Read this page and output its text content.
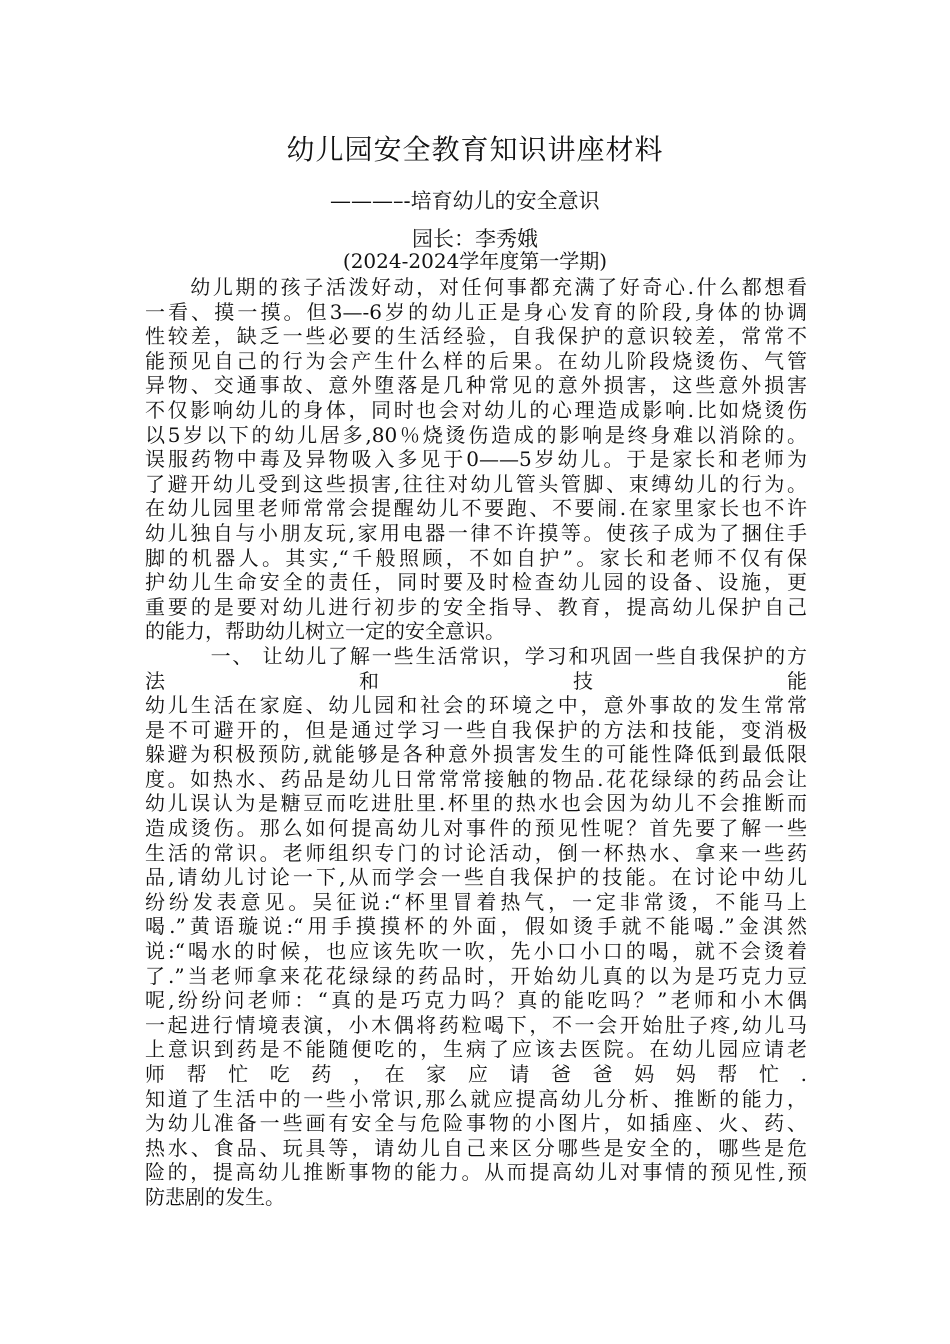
幼儿园安全教育知识讲座材料
———–-培育幼儿的安全意识
园长：李秀娥
(2024-2024学年度第一学期)
　　幼儿期的孩子活泼好动，对任何事都充满了好奇心.什么都想看
一看、摸一摸。但3—-6岁的幼儿正是身心发育的阶段,身体的协调
性较差，缺乏一些必要的生活经验，自我保护的意识较差，常常不
能预见自己的行为会产生什么样的后果。在幼儿阶段烧烫伤、气管
异物、交通事故、意外堕落是几种常见的意外损害，这些意外损害
不仅影响幼儿的身体，同时也会对幼儿的心理造成影响.比如烧烫伤
以5岁以下的幼儿居多,80％烧烫伤造成的影响是终身难以消除的。
误服药物中毒及异物吸入多见于0——5岁幼儿。于是家长和老师为
了避开幼儿受到这些损害,往往对幼儿管头管脚、束缚幼儿的行为。
在幼儿园里老师常常会提醒幼儿不要跑、不要闹.在家里家长也不许
幼儿独自与小朋友玩,家用电器一律不许摸等。使孩子成为了捆住手
脚的机器人。其实,“千般照顾，不如自护”。家长和老师不仅有保
护幼儿生命安全的责任，同时要及时检查幼儿园的设备、设施，更
重要的是要对幼儿进行初步的安全指导、教育，提高幼儿保护自己
的能力，帮助幼儿树立一定的安全意识。
　　　一、 让幼儿了解一些生活常识，学习和巩固一些自我保护的方
法　　　　　　　　　和　　　　　　　　　技　　　　　　　　　能
幼儿生活在家庭、幼儿园和社会的环境之中，意外事故的发生常常
是不可避开的，但是通过学习一些自我保护的方法和技能，变消极
躲避为积极预防,就能够是各种意外损害发生的可能性降低到最低限
度。如热水、药品是幼儿日常常常接触的物品.花花绿绿的药品会让
幼儿误认为是糖豆而吃进肚里.杯里的热水也会因为幼儿不会推断而
造成烫伤。那么如何提高幼儿对事件的预见性呢？首先要了解一些
生活的常识。老师组织专门的讨论活动，倒一杯热水、拿来一些药
品,请幼儿讨论一下,从而学会一些自我保护的技能。在讨论中幼儿
纷纷发表意见。吴征说:“杯里冒着热气，一定非常烫，不能马上
喝.”黄语璇说:“用手摸摸杯的外面，假如烫手就不能喝.”金淇然
说:“喝水的时候，也应该先吹一吹，先小口小口的喝，就不会烫着
了.”当老师拿来花花绿绿的药品时，开始幼儿真的以为是巧克力豆
呢,纷纷问老师：“真的是巧克力吗？真的能吃吗？”老师和小木偶
一起进行情境表演，小木偶将药粒喝下，不一会开始肚子疼,幼儿马
上意识到药是不能随便吃的，生病了应该去医院。在幼儿园应请老
师　帮　忙　吃　药　，　在　家　应　请　爸　爸　妈　妈　帮　忙　.
知道了生活中的一些小常识,那么就应提高幼儿分析、推断的能力，
为幼儿准备一些画有安全与危险事物的小图片，如插座、火、药、
热水、食品、玩具等，请幼儿自己来区分哪些是安全的，哪些是危
险的，提高幼儿推断事物的能力。从而提高幼儿对事情的预见性,预
防悲剧的发生。
